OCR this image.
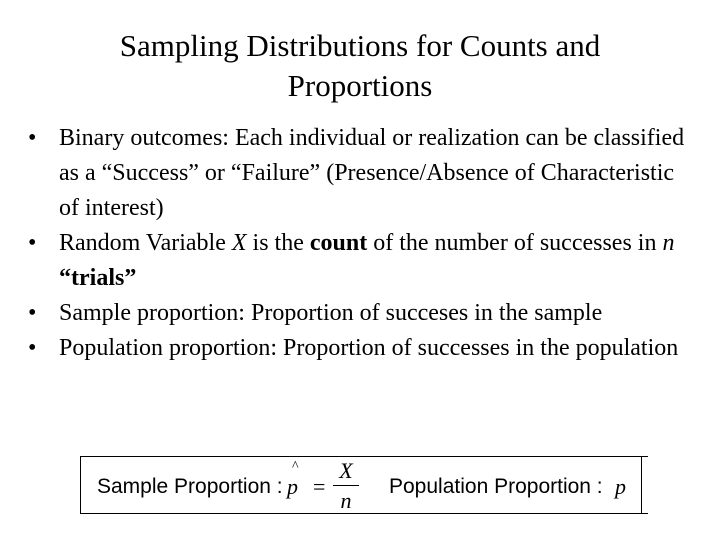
Sampling Distributions for Counts and
Proportions
• Binary outcomes: Each individual or realization can be classified as a “Success” or “Failure” (Presence/Absence of Characteristic of interest)
• Random Variable X is the count of the number of successes in n “trials”
• Sample proportion: Proportion of succeses in the sample
• Population proportion: Proportion of successes in the population
Sample Proportion :
^
p =
X
n
Population Proportion : p
